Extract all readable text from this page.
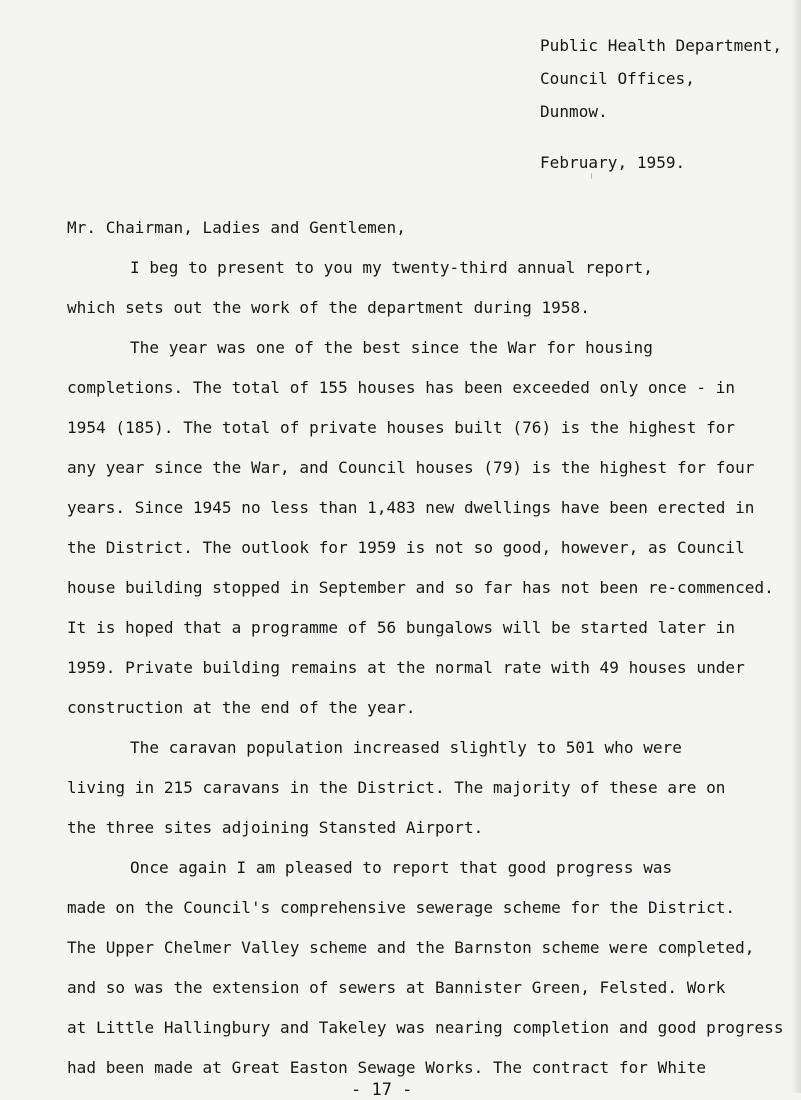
Public Health Department,
Council Offices,
Dunmow.
February, 1959.
Mr. Chairman, Ladies and Gentlemen,
I beg to present to you my twenty-third annual report,
which sets out the work of the department during 1958.
The year was one of the best since the War for housing
completions. The total of 155 houses has been exceeded only once - in
1954 (185). The total of private houses built (76) is the highest for
any year since the War, and Council houses (79) is the highest for four
years. Since 1945 no less than 1,483 new dwellings have been erected in
the District. The outlook for 1959 is not so good, however, as Council
house building stopped in September and so far has not been re-commenced.
It is hoped that a programme of 56 bungalows will be started later in
1959. Private building remains at the normal rate with 49 houses under
construction at the end of the year.
The caravan population increased slightly to 501 who were
living in 215 caravans in the District. The majority of these are on
the three sites adjoining Stansted Airport.
Once again I am pleased to report that good progress was
made on the Council's comprehensive sewerage scheme for the District.
The Upper Chelmer Valley scheme and the Barnston scheme were completed,
and so was the extension of sewers at Bannister Green, Felsted. Work
at Little Hallingbury and Takeley was nearing completion and good progress
had been made at Great Easton Sewage Works. The contract for White
- 17 -
